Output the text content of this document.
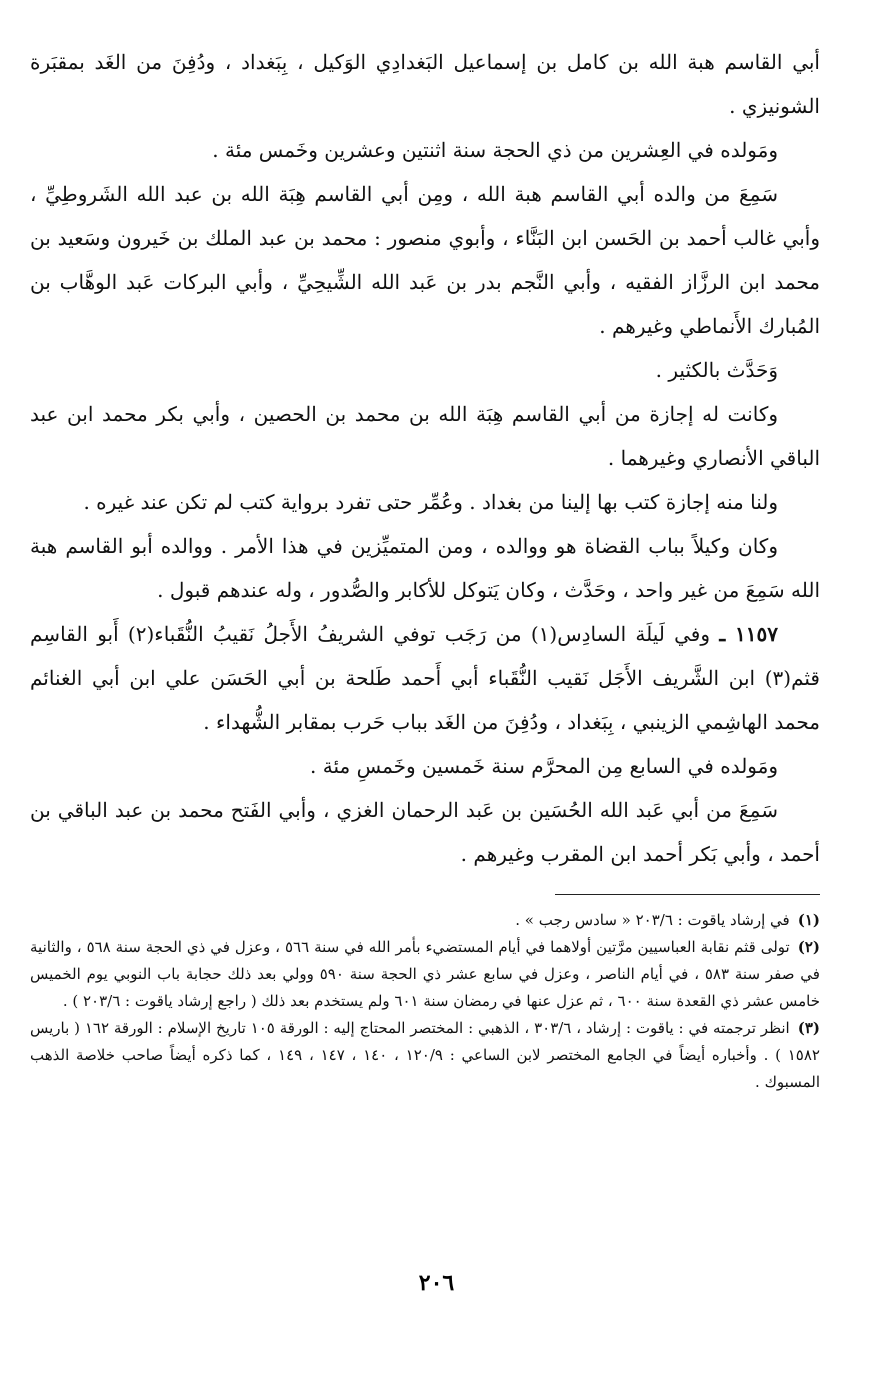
أبي القاسم هبة الله بن كامل بن إسماعيل البَغدادِي الوَكيل ، بِبَغداد ، ودُفِنَ من الغَد بمقبَرة الشونيزي .

ومَولده في العِشرين من ذي الحجة سنة اثنتين وعشرين وخَمس مئة .

سَمِعَ من والده أبي القاسم هبة الله ، ومِن أبي القاسم هِبَة الله بن عبد الله الشَروطِيِّ ، وأبي غالب أحمد بن الحَسن ابن البَنَّاء ، وأبوي منصور : محمد بن عبد الملك بن خَيرون وسَعيد بن محمد ابن الرزَّاز الفقيه ، وأبي النَّجم بدر بن عَبد الله الشِّيحِيِّ ، وأبي البركات عَبد الوهَّاب بن المُبارك الأَنماطي وغيرهم .

وَحَدَّث بالكثير .

وكانت له إجازة من أبي القاسم هِبَة الله بن محمد بن الحصين ، وأبي بكر محمد ابن عبد الباقي الأنصاري وغيرهما .

ولنا منه إجازة كتب بها إلينا من بغداد . وعُمِّر حتى تفرد برواية كتب لم تكن عند غيره .

وكان وكيلاً بباب القضاة هو ووالده ، ومن المتميِّزين في هذا الأمر . ووالده أبو القاسم هبة الله سَمِعَ من غير واحد ، وحَدَّث ، وكان يَتوكل للأكابر والصُّدور ، وله عندهم قبول .

١١٥٧ ـ وفي لَيلَة السادِس(١) من رَجَب توفي الشريفُ الأَجلُ نَقيبُ النُّقَباء(٢) أَبو القاسِم قثم(٣) ابن الشَّريف الأَجَل نَقيب النُّقَباء أبي أَحمد طَلحة بن أبي الحَسَن علي ابن أبي الغنائم محمد الهاشِمي الزينبي ، بِبَغداد ، ودُفِنَ من الغَد بباب حَرب بمقابر الشُّهداء .

ومَولده في السابع مِن المحرَّم سنة خَمسين وخَمسِ مئة .

سَمِعَ من أبي عَبد الله الحُسَين بن عَبد الرحمان الغزي ، وأبي الفَتح محمد بن عبد الباقي بن أحمد ، وأبي بَكر أحمد ابن المقرب وغيرهم .

(١)في إرشاد ياقوت : ٢٠٣/٦ « سادس رجب » .

(٢)تولى قثم نقابة العباسيين مرَّتين أولاهما في أيام المستضيء بأمر الله في سنة ٥٦٦ ، وعزل في ذي الحجة سنة ٥٦٨ ، والثانية في صفر سنة ٥٨٣ ، في أيام الناصر ، وعزل في سابع عشر ذي الحجة سنة ٥٩٠ وولي بعد ذلك حجابة باب النوبي يوم الخميس خامس عشر ذي القعدة سنة ٦٠٠ ، ثم عزل عنها في رمضان سنة ٦٠١ ولم يستخدم بعد ذلك ( راجع إرشاد ياقوت : ٢٠٣/٦ ) .

(٣)انظر ترجمته في : ياقوت : إرشاد ، ٣٠٣/٦ ، الذهبي : المختصر المحتاج إليه : الورقة ١٠٥ تاريخ الإسلام : الورقة ١٦٢ ( باريس ١٥٨٢ ) . وأخباره أيضاً في الجامع المختصر لابن الساعي : ١٢٠/٩ ، ١٤٠ ، ١٤٧ ، ١٤٩ ، كما ذكره أيضاً صاحب خلاصة الذهب المسبوك .

٢٠٦
